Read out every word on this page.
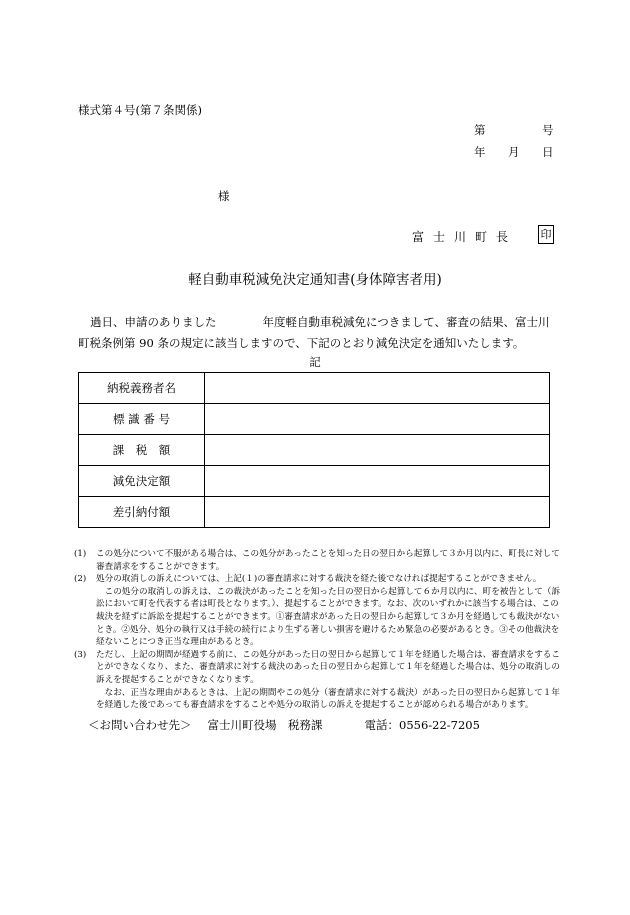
様式第４号(第７条関係)
第	号
年 月 日
様
富士川町長 印
軽自動車税減免決定通知書(身体障害者用)

過日、申請のありました　　　　年度軽自動車税減免につきまして、審査の結果、富士川

町税条例第 90 条の規定に該当しますので、下記のとおり減免決定を通知いたします。

記
納税義務者名	
標 識 番 号	
課　税　額	
減免決定額	
差引納付額	
(1) この処分について不服がある場合は、この処分があったことを知った日の翌日から起算して３か月以内に、町長に対して審査請求をすることができます。

(2) 処分の取消しの訴えについては、上記(１)の審査請求に対する裁決を経た後でなければ提起することができません。

この処分の取消しの訴えは、この裁決があったことを知った日の翌日から起算して６か月以内に、町を被告として（訴訟において町を代表する者は町長となります。）、提起することができます。なお、次のいずれかに該当する場合は、この裁決を経ずに訴訟を提起することができます。①審査請求があった日の翌日から起算して３か月を経過しても裁決がないとき。②処分、処分の執行又は手続の続行により生ずる著しい損害を避けるため緊急の必要があるとき。③その他裁決を経ないことにつき正当な理由があるとき。

(3) ただし、上記の期間が経過する前に、この処分があった日の翌日から起算して１年を経過した場合は、審査請求をすることができなくなり、また、審査請求に対する裁決のあった日の翌日から起算して１年を経過した場合は、処分の取消しの訴えを提起することができなくなります。

なお、正当な理由があるときは、上記の期間やこの処分（審査請求に対する裁決）があった日の翌日から起算して１年を経過した後であっても審査請求をすることや処分の取消しの訴えを提起することが認められる場合があります。

＜お問い合わせ先＞ 富士川町役場　税務課	電話：0556-22-7205
